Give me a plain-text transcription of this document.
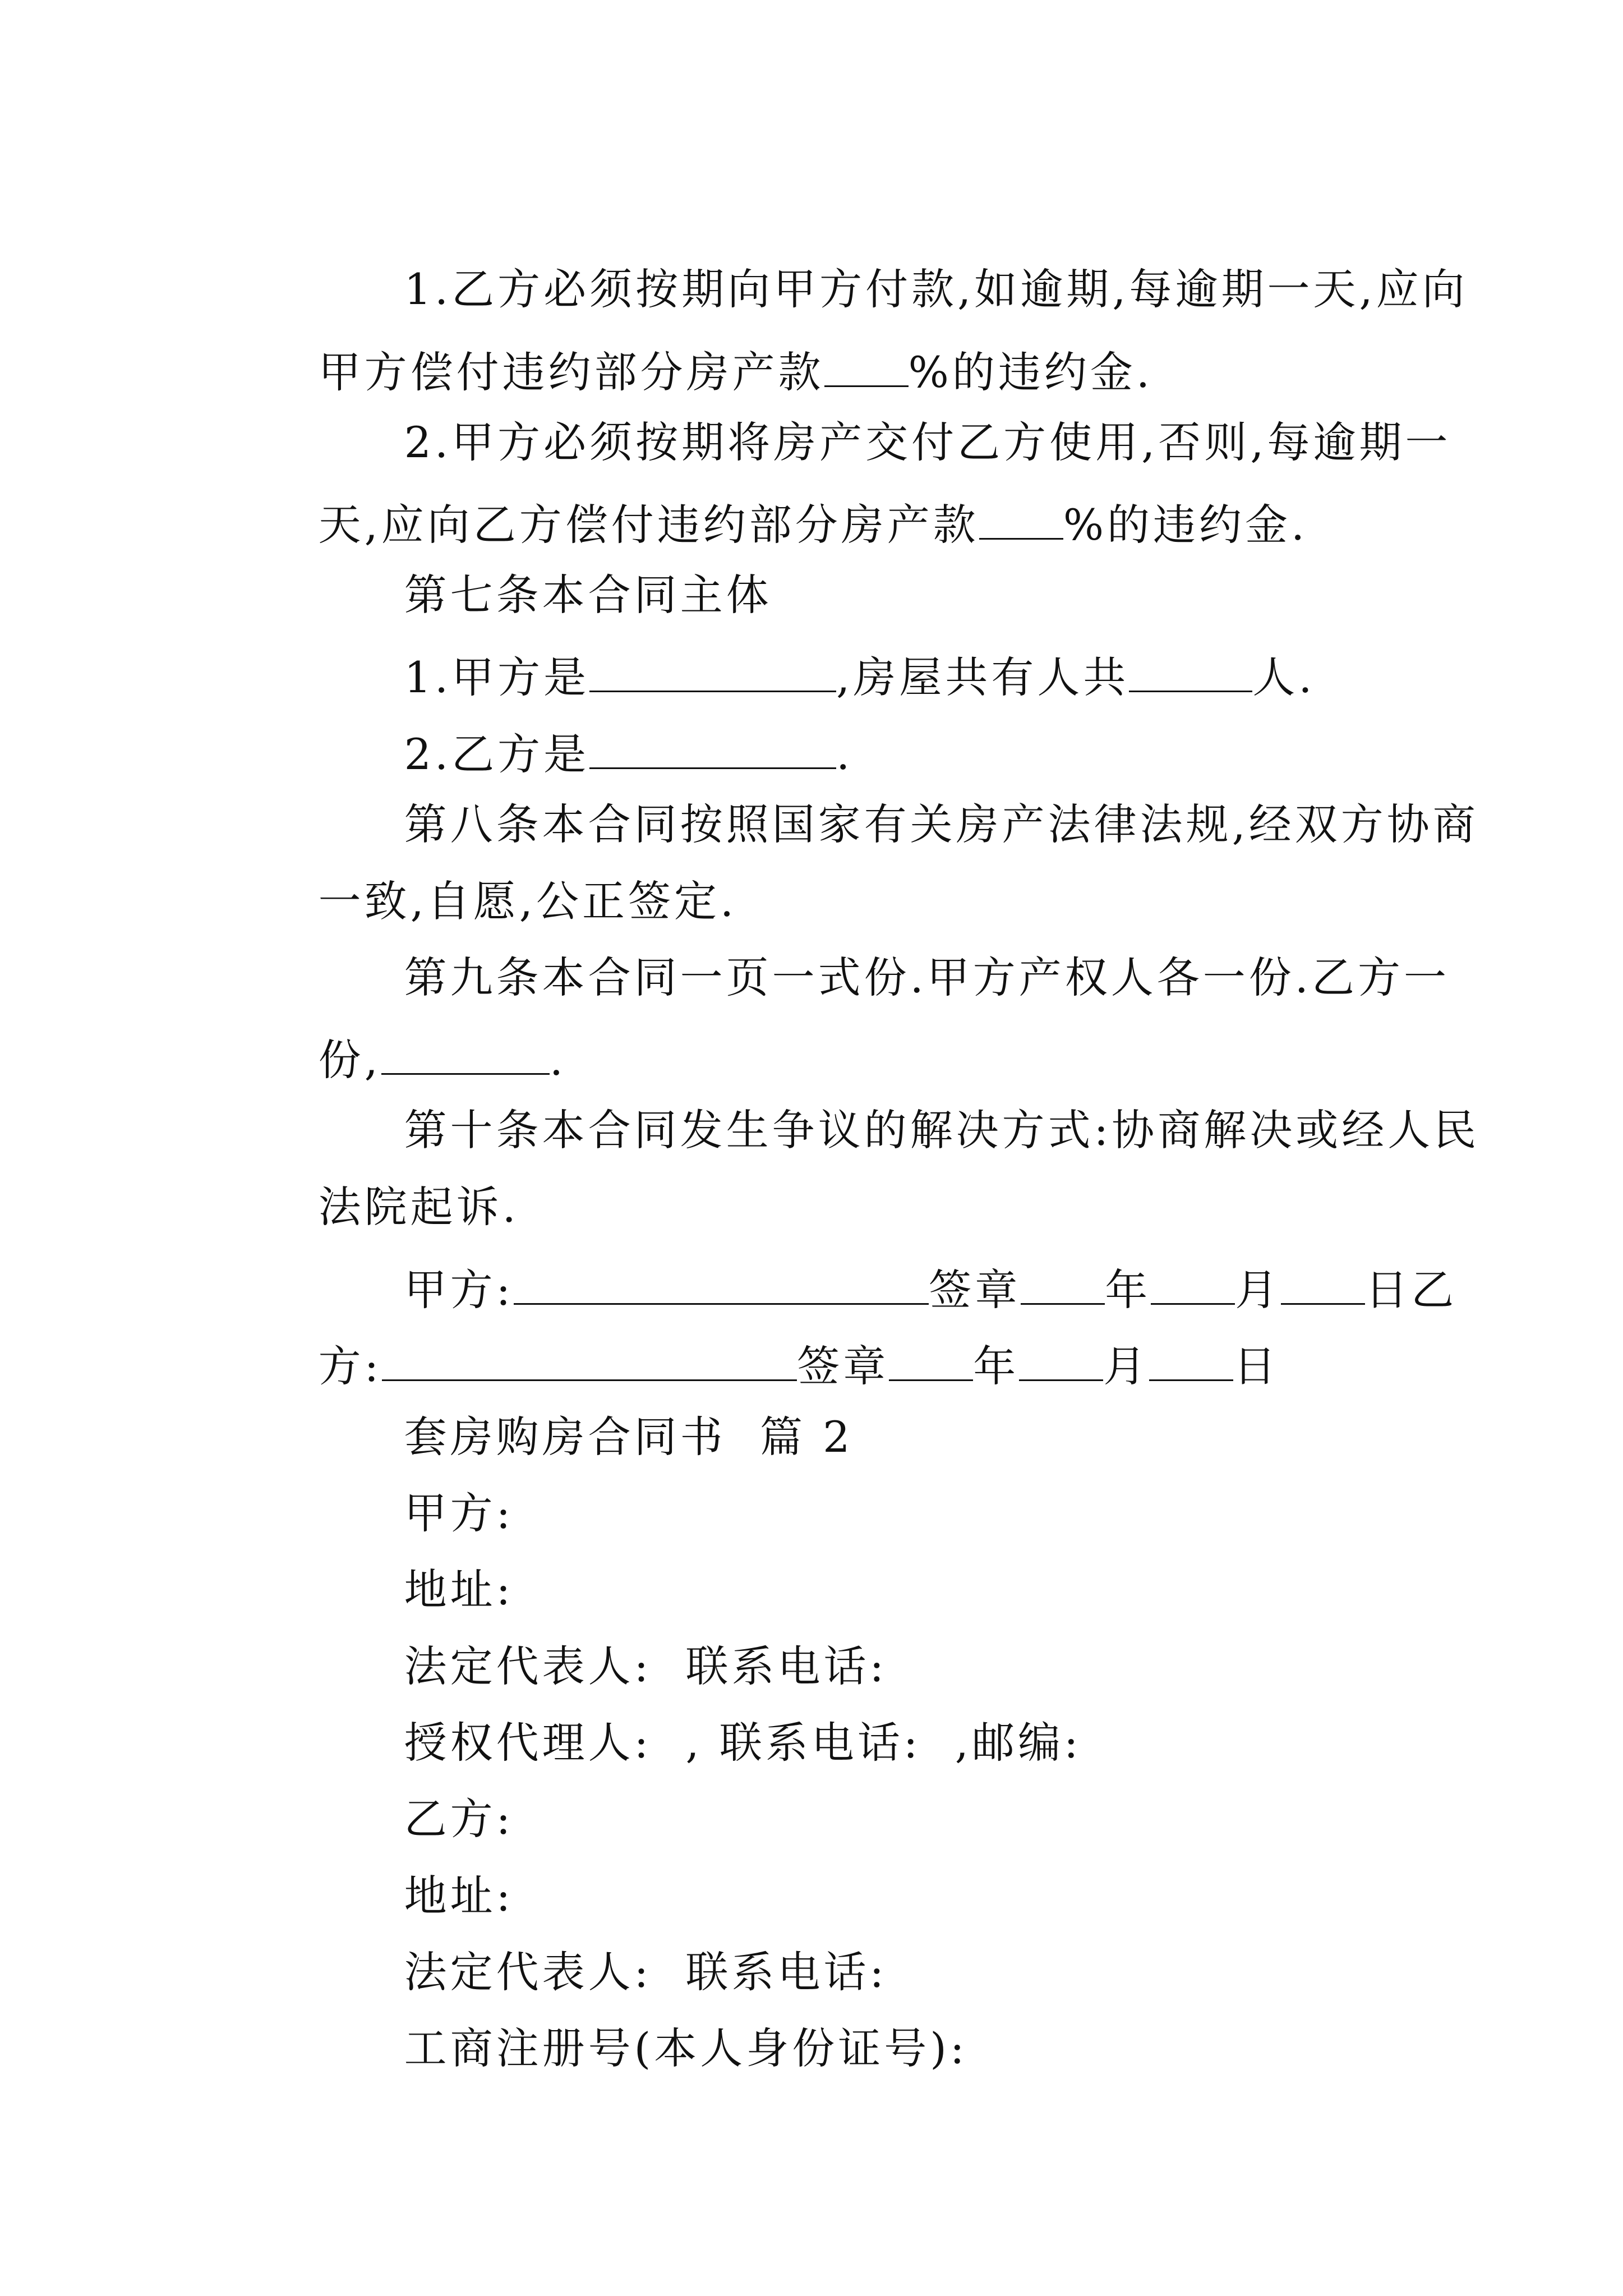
1.乙方必须按期向甲方付款,如逾期,每逾期一天,应向

甲方偿付违约部分房产款 %的违约金.

2.甲方必须按期将房产交付乙方使用,否则,每逾期一

天,应向乙方偿付违约部分房产款 %的违约金.

第七条本合同主体

1.甲方是	,房屋共有人共	人.

2.乙方是	.

第八条本合同按照国家有关房产法律法规,经双方协商

一致,自愿,公正签定.

第九条本合同一页一式份.甲方产权人各一份.乙方一

份,	.

第十条本合同发生争议的解决方式:协商解决或经人民

法院起诉.

甲方:	签章 年 月 日乙

方:	签章 年 月 日

套房购房合同书  篇 2

甲方:

地址:

法定代表人:  联系电话:

授权代理人:  , 联系电话:  ,邮编:

乙方:

地址:

法定代表人:  联系电话:

工商注册号(本人身份证号):
